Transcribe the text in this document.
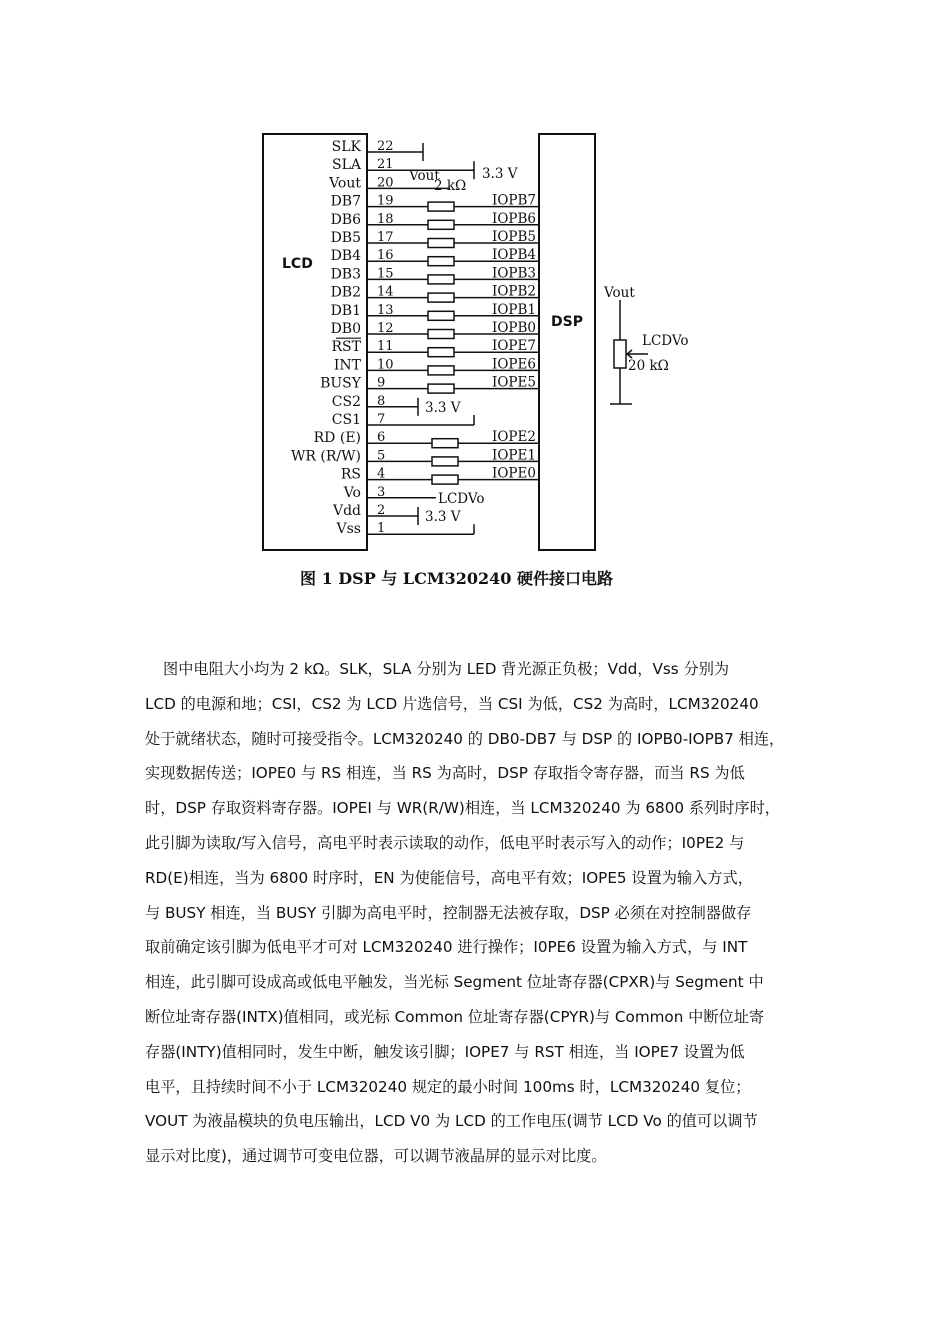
LCD
DSP
SLK 22
SLA 21
3.3 V
Vout 20
DB7 19	IOPB7
DB6 18	IOPB6
DB5 17	IOPB5
DB4 16	IOPB4
DB3 15	IOPB3
DB2 14	IOPB2
DB1 13	IOPB1
DB0 12	IOPB0
RST 11	IOPE7
INT 10	IOPE6
BUSY 9	IOPE5
CS2 8	3.3 V
CS1 7
RD (E) 6	IOPE2
WR (R/W) 5	IOPE1
RS 4	IOPE0
Vo 3	LCDVo
Vdd 2	3.3 V
Vss 1
2 kΩ
Vout
Vout
LCDVo
20 kΩ
图 1 DSP 与 LCM320240 硬件接口电路
图中电阻大小均为 2 kΩ。SLK，SLA 分别为 LED 背光源正负极；Vdd，Vss 分别为
LCD 的电源和地；CSI，CS2 为 LCD 片选信号，当 CSI 为低，CS2 为高时，LCM320240
处于就绪状态，随时可接受指令。LCM320240 的 DB0-DB7 与 DSP 的 IOPB0-IOPB7 相连，
实现数据传送；IOPE0 与 RS 相连，当 RS 为高时，DSP 存取指令寄存器，而当 RS 为低
时，DSP 存取资料寄存器。IOPEI 与 WR(R/W)相连，当 LCM320240 为 6800 系列时序时，
此引脚为读取/写入信号，高电平时表示读取的动作，低电平时表示写入的动作；I0PE2 与
RD(E)相连，当为 6800 时序时，EN 为使能信号，高电平有效；IOPE5 设置为输入方式，
与 BUSY 相连，当 BUSY 引脚为高电平时，控制器无法被存取，DSP 必须在对控制器做存
取前确定该引脚为低电平才可对 LCM320240 进行操作；I0PE6 设置为输入方式，与 INT
相连，此引脚可设成高或低电平触发，当光标 Segment 位址寄存器(CPXR)与 Segment 中
断位址寄存器(INTX)值相同，或光标 Common 位址寄存器(CPYR)与 Common 中断位址寄
存器(INTY)值相同时，发生中断，触发该引脚；IOPE7 与 RST 相连，当 IOPE7 设置为低
电平，且持续时间不小于 LCM320240 规定的最小时间 100ms 时，LCM320240 复位；
VOUT 为液晶模块的负电压输出，LCD V0 为 LCD 的工作电压(调节 LCD Vo 的值可以调节
显示对比度)，通过调节可变电位器，可以调节液晶屏的显示对比度。
